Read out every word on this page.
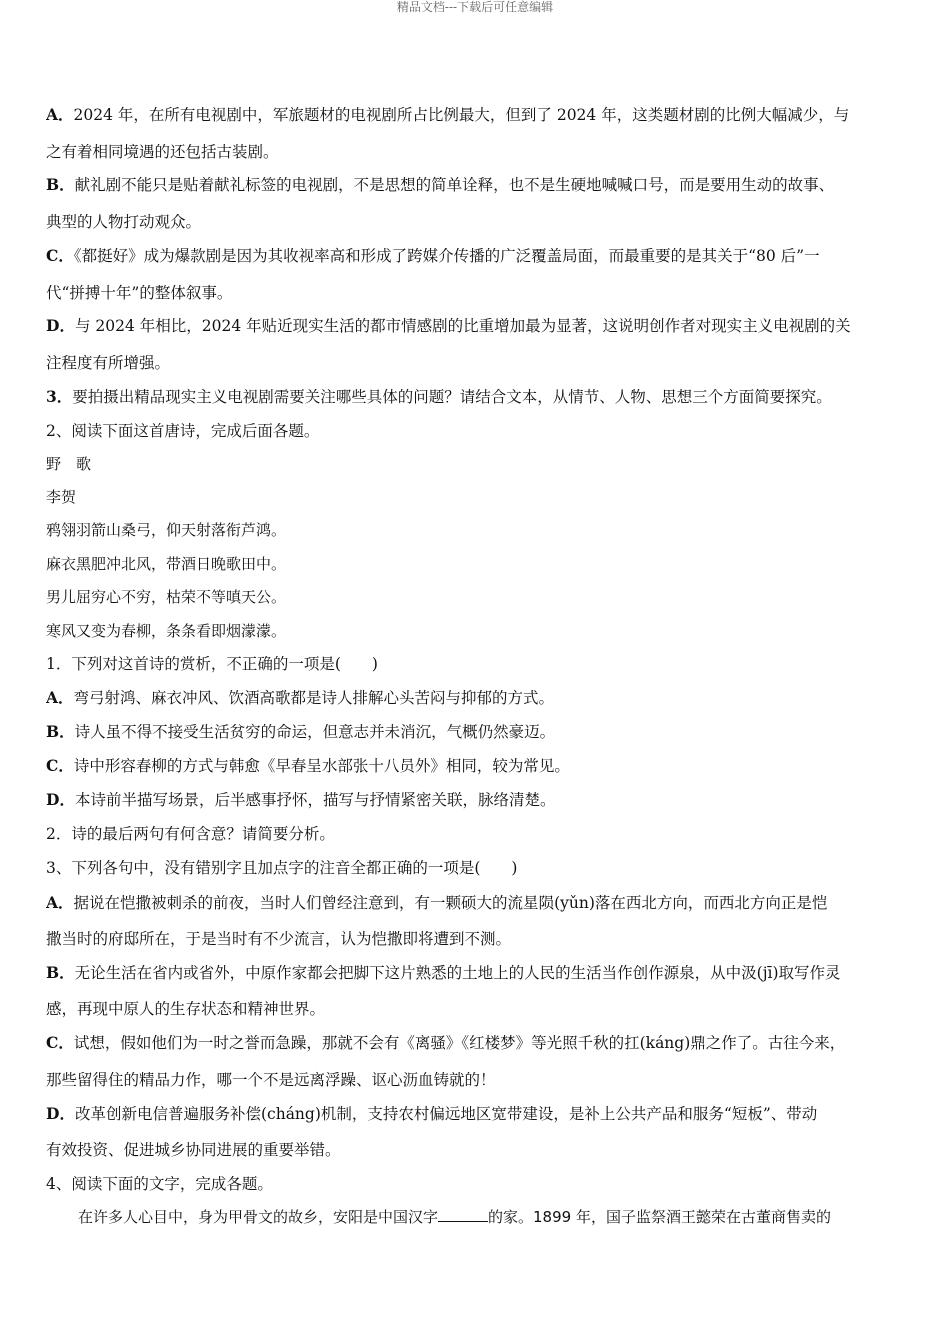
精品文档---下载后可任意编辑

A．2024 年，在所有电视剧中，军旅题材的电视剧所占比例最大，但到了 2024 年，这类题材剧的比例大幅减少，与

之有着相同境遇的还包括古装剧。

B．献礼剧不能只是贴着献礼标签的电视剧，不是思想的简单诠释，也不是生硬地喊喊口号，而是要用生动的故事、

典型的人物打动观众。

C．《都挺好》成为爆款剧是因为其收视率高和形成了跨媒介传播的广泛覆盖局面，而最重要的是其关于“80 后”一

代“拼搏十年”的整体叙事。

D．与 2024 年相比，2024 年贴近现实生活的都市情感剧的比重增加最为显著，这说明创作者对现实主义电视剧的关

注程度有所增强。

3．要拍摄出精品现实主义电视剧需要关注哪些具体的问题？请结合文本，从情节、人物、思想三个方面简要探究。

2、阅读下面这首唐诗，完成后面各题。

野　歌

李贺

鸦翎羽箭山桑弓，仰天射落衔芦鸿。

麻衣黑肥冲北风，带酒日晚歌田中。

男儿屈穷心不穷，枯荣不等嗔天公。

寒风又变为春柳，条条看即烟濛濛。

1．下列对这首诗的赏析，不正确的一项是(　　)

A．弯弓射鸿、麻衣冲风、饮酒高歌都是诗人排解心头苦闷与抑郁的方式。

B．诗人虽不得不接受生活贫穷的命运，但意志并未消沉，气概仍然豪迈。

C．诗中形容春柳的方式与韩愈《早春呈水部张十八员外》相同，较为常见。

D．本诗前半描写场景，后半感事抒怀，描写与抒情紧密关联，脉络清楚。

2．诗的最后两句有何含意？请简要分析。

3、下列各句中，没有错别字且加点字的注音全都正确的一项是(　　)

A．据说在恺撒被刺杀的前夜，当时人们曾经注意到，有一颗硕大的流星陨(yǔn)落在西北方向，而西北方向正是恺

撒当时的府邸所在，于是当时有不少流言，认为恺撒即将遭到不测。

B．无论生活在省内或省外，中原作家都会把脚下这片熟悉的土地上的人民的生活当作创作源泉，从中汲(jī)取写作灵

感，再现中原人的生存状态和精神世界。

C．试想，假如他们为一时之誉而急躁，那就不会有《离骚》《红楼梦》等光照千秋的扛(káng)鼎之作了。古往今来，

那些留得住的精品力作，哪一个不是远离浮躁、讴心沥血铸就的！

D．改革创新电信普遍服务补偿(cháng)机制，支持农村偏远地区宽带建设，是补上公共产品和服务“短板”、带动

有效投资、促进城乡协同进展的重要举错。

4、阅读下面的文字，完成各题。

在许多人心目中，身为甲骨文的故乡，安阳是中国汉字	的家。1899 年，国子监祭酒王懿荣在古董商售卖的
